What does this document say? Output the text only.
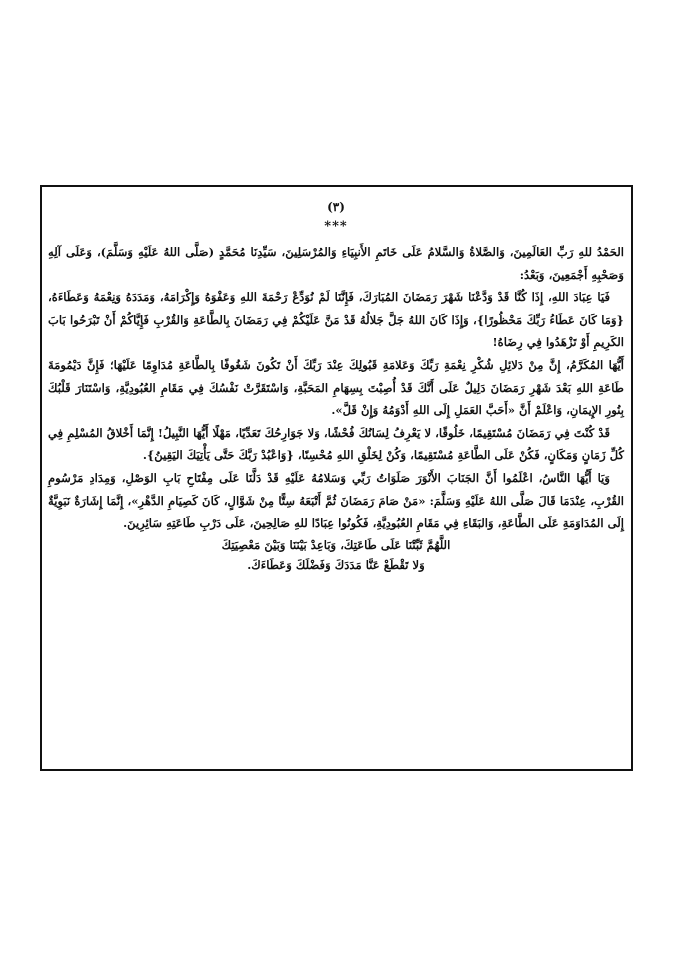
(٣)

***

الحَمْدُ للهِ رَبِّ العَالَمِينَ، وَالصَّلاةُ وَالسَّلامُ عَلَى خَاتَمِ الأَنبِيَاءِ وَالمُرْسَلِينَ، سَيِّدِنَا مُحَمَّدٍ (صَلَّى اللهُ عَلَيْهِ وَسَلَّمَ)، وَعَلَى آلِهِ وَصَحْبِهِ أَجْمَعِينَ، وَبَعْدُ:

فَيَا عِبَادَ اللهِ، إِذَا كُنَّا قَدْ وَدَّعْنَا شَهْرَ رَمَضَانَ المُبَارَكَ، فَإِنَّنَا لَمْ نُوَدِّعْ رَحْمَةَ اللهِ وَعَفْوَهُ وَإِكْرَامَهُ، وَمَدَدَهُ وَنِعْمَهُ وَعَطَاءَهُ، {وَمَا كَانَ عَطَاءُ رَبِّكَ مَحْظُورًا}، وَإِذَا كَانَ اللهُ جَلَّ جَلالُهُ قَدْ مَنَّ عَلَيْكُمْ فِي رَمَضَانَ بِالطَّاعَةِ وَالقُرْبِ فَإِيَّاكُمْ أَنْ تَبْرَحُوا بَابَ الكَرِيمِ أَوْ تَزْهَدُوا فِي رِضَاهُ!

أَيُّهَا المُكَرَّمُ، إِنَّ مِنْ دَلائِلِ شُكْرِ نِعْمَةِ رَبِّكَ وَعَلامَةِ قَبُولِكَ عِنْدَ رَبِّكَ أَنْ تَكُونَ شَغُوفًا بِالطَّاعَةِ مُدَاوِمًا عَلَيْهَا؛ فَإِنَّ دَيْمُومَةَ طَاعَةِ اللهِ بَعْدَ شَهْرِ رَمَضَانَ دَلِيلٌ عَلَى أَنَّكَ قَدْ أُصِبْتَ بِسِهَامِ المَحَبَّةِ، وَاسْتَقَرَّتْ نَفْسُكَ فِي مَقَامِ العُبُودِيَّةِ، وَاسْتَنَارَ قَلْبُكَ بِنُورِ الإِيمَانِ، وَاعْلَمْ أَنَّ «أَحَبَّ العَمَلِ إِلَى اللهِ أَدْوَمُهُ وَإِنْ قَلَّ».

قَدْ كُنْتَ فِي رَمَضَانَ مُسْتَقِيمًا، خَلُوقًا، لا يَعْرِفُ لِسَانُكَ فُحْشًا، وَلا جَوَارِحُكَ تَعَدِّيًا، مَهْلًا أَيُّهَا النَّبِيلُ! إِنَّمَا أَخْلاقُ المُسْلِمِ فِي كُلِّ زَمَانٍ وَمَكَانٍ، فَكُنْ عَلَى الطَّاعَةِ مُسْتَقِيمًا، وَكُنْ لِخَلْقِ اللهِ مُحْسِنًا، {وَاعْبُدْ رَبَّكَ حَتَّى يَأْتِيَكَ اليَقِينُ}.

وَيَا أَيُّهَا النَّاسُ، اعْلَمُوا أَنَّ الجَنَابَ الأَنْوَرَ صَلَوَاتُ رَبِّي وَسَلامُهُ عَلَيْهِ قَدْ دَلَّنَا عَلَى مِفْتَاحِ بَابِ الوَصْلِ، وَمِدَادِ مَرْسُومِ القُرْبِ، عِنْدَمَا قَالَ صَلَّى اللهُ عَلَيْهِ وَسَلَّمَ: «مَنْ صَامَ رَمَضَانَ ثُمَّ أَتْبَعَهُ سِتًّا مِنْ شَوَّالٍ، كَانَ كَصِيَامِ الدَّهْرِ»، إِنَّمَا إِشَارَةٌ نَبَوِيَّةٌ إِلَى المُدَاوَمَةِ عَلَى الطَّاعَةِ، وَالبَقَاءِ فِي مَقَامِ العُبُودِيَّةِ، فَكُونُوا عِبَادًا للهِ صَالِحِينَ، عَلَى دَرْبِ طَاعَتِهِ سَائِرِينَ.

اللَّهُمَّ ثَبِّتْنَا عَلَى طَاعَتِكَ، وَبَاعِدْ بَيْنَنَا وَبَيْنَ مَعْصِيَتِكَ

وَلا تَقْطَعْ عَنَّا مَدَدَكَ وَفَضْلَكَ وَعَطَاءَكَ.
